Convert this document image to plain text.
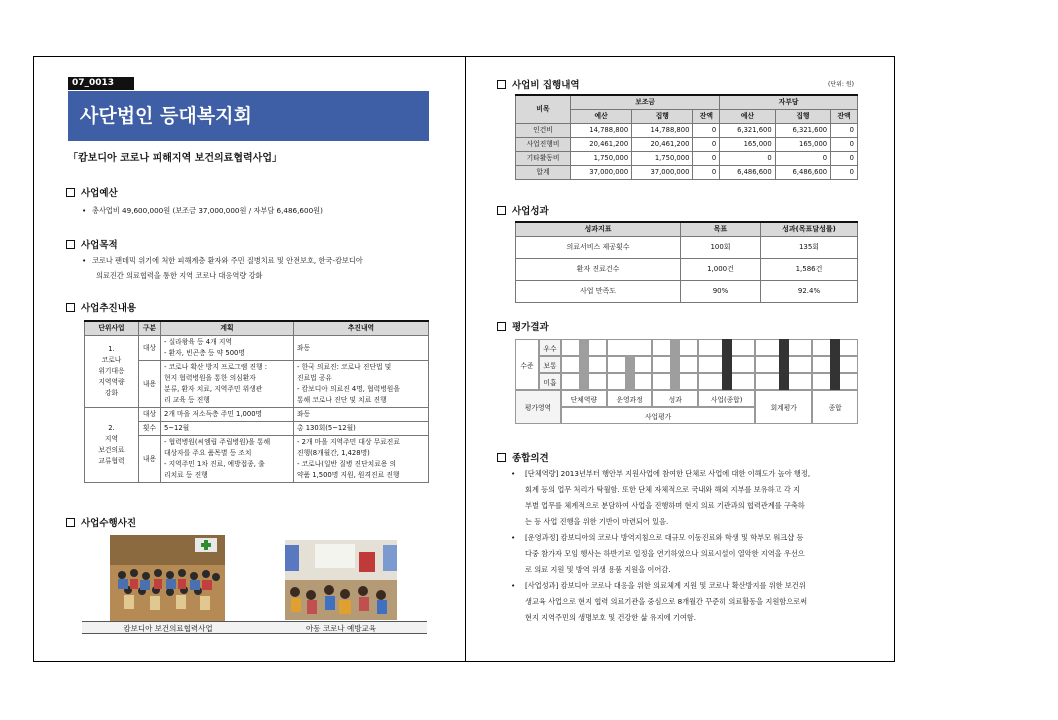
07_0013
사단법인 등대복지회
「캄보디아 코로나 피해지역 보건의료협력사업」
사업예산
• 총사업비 49,600,000원 (보조금 37,000,000원 / 자부담 6,486,600원)
사업목적
• 코로나 팬데믹 위기에 처한 피해계층 환자와 주민 질병치료 및 안전보호, 한국-캄보디아
의료진간 의료협력을 통한 지역 코로나 대응역량 강화
사업추진내용
단위사업	구분	계획	추진내역
1.
코로나
위기대응
지역역량
강화	대상	- 실라왕육 등 4개 지역
- 환자, 빈곤층 등 약 500명	좌동
	내용	- 코로나 확산 방지 프로그램 진행 :
현지 협력병원을 통한 의심환자
분류, 환자 치료, 지역주민 위생관
리 교육 등 진행	- 한국 의료진: 코로나 진단법 및
진료법 공유
- 캄보디아 의료진 4명, 협력병원을
통해 코로나 진단 및 치료 진행
2.
지역
보건의료
교류협력	대상	2개 마을 저소득층 주민 1,000명	좌동
	횟수	5~12월	총 130회(5~12월)
	내용	- 협력병원(씨엠립 주립병원)을 통해
대상자를 주요 품목별 등 조치
- 지역주민 1차 진료, 예방접종, 출
리치료 등 진행	- 2개 마을 지역주민 대상 무료진료
진행(8개월간, 1,428명)
- 코로나(일반 질병 진단치료용 의
약품 1,500명 지원, 원격진료 진행
사업수행사진
캄보디아 보건의료협력사업	아동 코로나 예방교육
사업비 집행내역	(단위: 원)
비목	보조금			자부담		
	예산	집행	잔액	예산	집행	잔액
인건비	14,788,800	14,788,800	0	6,321,600	6,321,600	0
사업진행비	20,461,200	20,461,200	0	165,000	165,000	0
기타활동비	1,750,000	1,750,000	0	0	0	0
합계	37,000,000	37,000,000	0	6,486,600	6,486,600	0
사업성과
성과지표	목표	성과(목표달성률)
의료서비스 제공횟수	100회	135회
환자 진료건수	1,000건	1,586건
사업 만족도	90%	92.4%
평가결과
수준
우수
보통
미흡
평가영역
단체역량	운영과정	성과	사업(종합)
사업평가
회계평가	종합
종합의견
• [단체역량] 2013년부터 행안부 지원사업에 참여한 단체로 사업에 대한 이해도가 높아 행정,
회계 등의 업무 처리가 탁월함. 또한 단체 자체적으로 국내와 해외 지부를 보유하고 각 지
부별 업무를 체계적으로 분담하여 사업을 진행하며 현지 의료 기관과의 협력관계를 구축하
는 등 사업 진행을 위한 기반이 마련되어 있음.
• [운영과정] 캄보디아의 코로나 방역지침으로 대규모 이동진료와 학생 및 학부모 워크샵 등
다중 참가자 모임 행사는 하반기로 일정을 연기하였으나 의료시설이 열악한 지역을 우선으
로 의료 지원 및 방역 위생 용품 지원을 이어감.
• [사업성과] 캄보디아 코로나 대응을 위한 의료체계 지원 및 코로나 확산방지를 위한 보건위
생교육 사업으로 현지 협력 의료기관을 중심으로 8개월간 꾸준히 의료활동을 지원함으로써
현지 지역주민의 생명보호 및 건강한 삶 유지에 기여함.
